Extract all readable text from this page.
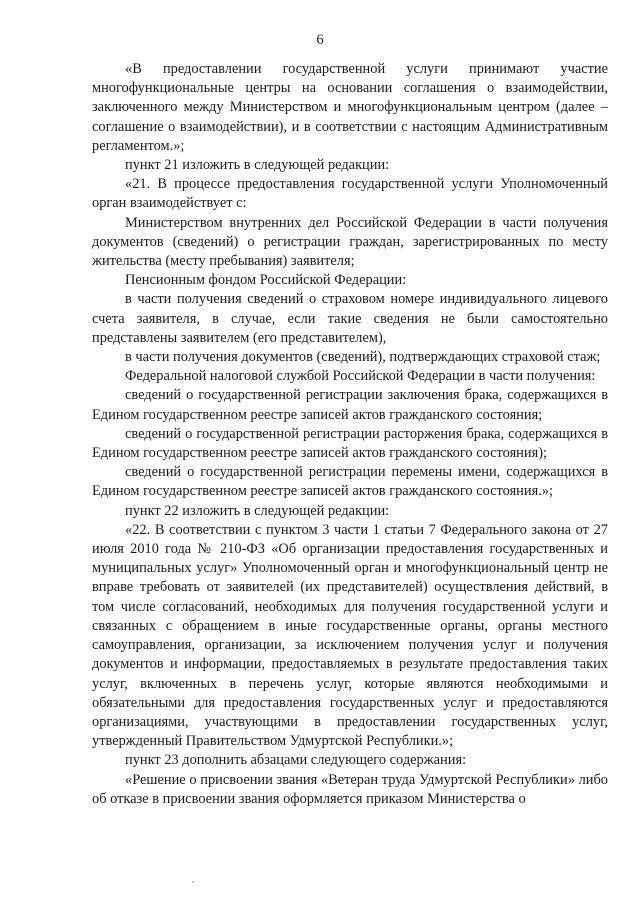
6

«В предоставлении государственной услуги принимают участие многофункциональные центры на основании соглашения о взаимодействии, заключенного между Министерством и многофункциональным центром (далее – соглашение о взаимодействии), и в соответствии с настоящим Административным регламентом.»;

пункт 21 изложить в следующей редакции:

«21. В процессе предоставления государственной услуги Уполномоченный орган взаимодействует с:

Министерством внутренних дел Российской Федерации в части получения документов (сведений) о регистрации граждан, зарегистрированных по месту жительства (месту пребывания) заявителя;

Пенсионным фондом Российской Федерации:

в части получения сведений о страховом номере индивидуального лицевого счета заявителя, в случае, если такие сведения не были самостоятельно представлены заявителем (его представителем),

в части получения документов (сведений), подтверждающих страховой стаж;

Федеральной налоговой службой Российской Федерации в части получения:

сведений о государственной регистрации заключения брака, содержащихся в Едином государственном реестре записей актов гражданского состояния;

сведений о государственной регистрации расторжения брака, содержащихся в Едином государственном реестре записей актов гражданского состояния);

сведений о государственной регистрации перемены имени, содержащихся в Едином государственном реестре записей актов гражданского состояния.»;

пункт 22 изложить в следующей редакции:

«22. В соответствии с пунктом 3 части 1 статьи 7 Федерального закона от 27 июля 2010 года № 210-ФЗ «Об организации предоставления государственных и муниципальных услуг» Уполномоченный орган и многофункциональный центр не вправе требовать от заявителей (их представителей) осуществления действий, в том числе согласований, необходимых для получения государственной услуги и связанных с обращением в иные государственные органы, органы местного самоуправления, организации, за исключением получения услуг и получения документов и информации, предоставляемых в результате предоставления таких услуг, включенных в перечень услуг, которые являются необходимыми и обязательными для предоставления государственных услуг и предоставляются организациями, участвующими в предоставлении государственных услуг, утвержденный Правительством Удмуртской Республики.»;

пункт 23 дополнить абзацами следующего содержания:

«Решение о присвоении звания «Ветеран труда Удмуртской Республики» либо об отказе в присвоении звания оформляется приказом Министерства о
